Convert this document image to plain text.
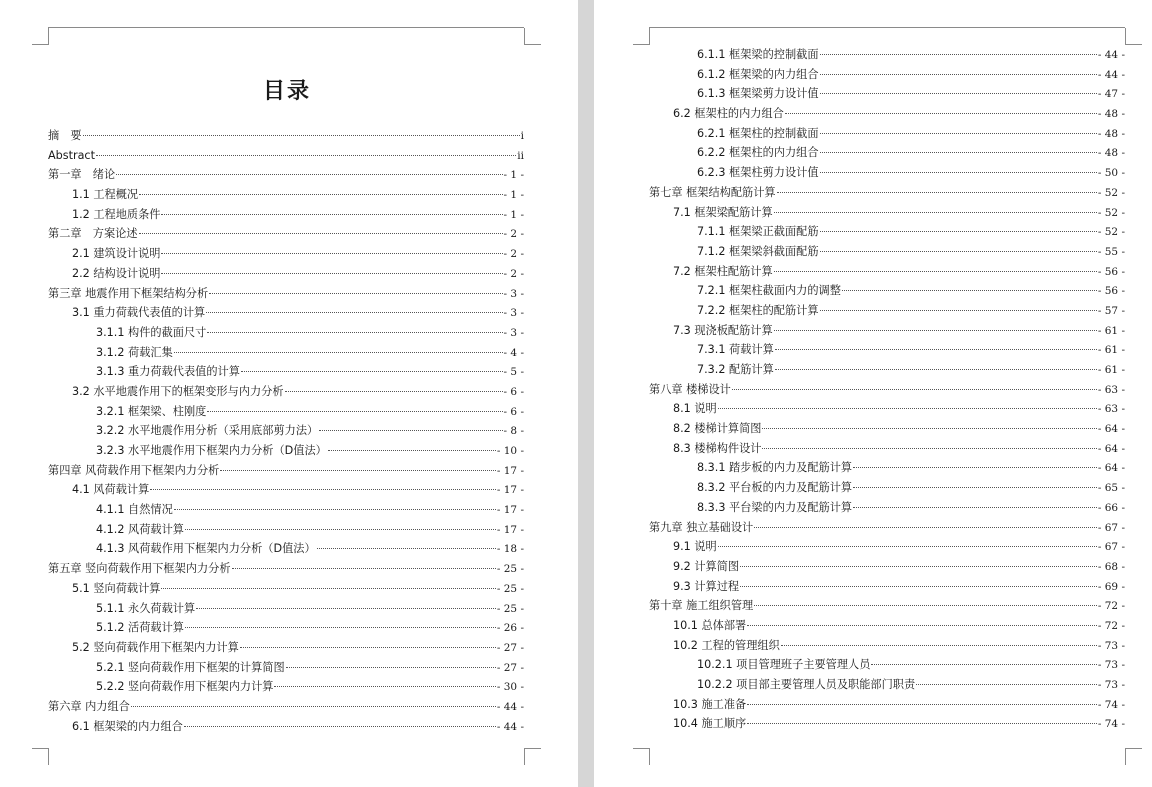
目录
摘　要	i
Abstract	ii
第一章　绪论	- 1 -
1.1 工程概况	- 1 -
1.2 工程地质条件	- 1 -
第二章　方案论述	- 2 -
2.1 建筑设计说明	- 2 -
2.2 结构设计说明	- 2 -
第三章 地震作用下框架结构分析	- 3 -
3.1 重力荷载代表值的计算	- 3 -
3.1.1 构件的截面尺寸	- 3 -
3.1.2 荷载汇集	- 4 -
3.1.3 重力荷载代表值的计算	- 5 -
3.2 水平地震作用下的框架变形与内力分析	- 6 -
3.2.1 框架梁、柱刚度	- 6 -
3.2.2 水平地震作用分析（采用底部剪力法）	- 8 -
3.2.3 水平地震作用下框架内力分析（D值法）	- 10 -
第四章 风荷载作用下框架内力分析	- 17 -
4.1 风荷载计算	- 17 -
4.1.1 自然情况	- 17 -
4.1.2 风荷载计算	- 17 -
4.1.3 风荷载作用下框架内力分析（D值法）	- 18 -
第五章 竖向荷载作用下框架内力分析	- 25 -
5.1 竖向荷载计算	- 25 -
5.1.1 永久荷载计算	- 25 -
5.1.2 活荷载计算	- 26 -
5.2 竖向荷载作用下框架内力计算	- 27 -
5.2.1 竖向荷载作用下框架的计算简图	- 27 -
5.2.2 竖向荷载作用下框架内力计算	- 30 -
第六章 内力组合	- 44 -
6.1 框架梁的内力组合	- 44 -
6.1.1 框架梁的控制截面	- 44 -
6.1.2 框架梁的内力组合	- 44 -
6.1.3 框架梁剪力设计值	- 47 -
6.2 框架柱的内力组合	- 48 -
6.2.1 框架柱的控制截面	- 48 -
6.2.2 框架柱的内力组合	- 48 -
6.2.3 框架柱剪力设计值	- 50 -
第七章 框架结构配筋计算	- 52 -
7.1 框架梁配筋计算	- 52 -
7.1.1 框架梁正截面配筋	- 52 -
7.1.2 框架梁斜截面配筋	- 55 -
7.2 框架柱配筋计算	- 56 -
7.2.1 框架柱截面内力的调整	- 56 -
7.2.2 框架柱的配筋计算	- 57 -
7.3 现浇板配筋计算	- 61 -
7.3.1 荷载计算	- 61 -
7.3.2 配筋计算	- 61 -
第八章 楼梯设计	- 63 -
8.1 说明	- 63 -
8.2 楼梯计算简图	- 64 -
8.3 楼梯构件设计	- 64 -
8.3.1 踏步板的内力及配筋计算	- 64 -
8.3.2 平台板的内力及配筋计算	- 65 -
8.3.3 平台梁的内力及配筋计算	- 66 -
第九章 独立基础设计	- 67 -
9.1 说明	- 67 -
9.2 计算简图	- 68 -
9.3 计算过程	- 69 -
第十章 施工组织管理	- 72 -
10.1 总体部署	- 72 -
10.2 工程的管理组织	- 73 -
10.2.1 项目管理班子主要管理人员	- 73 -
10.2.2 项目部主要管理人员及职能部门职责	- 73 -
10.3 施工准备	- 74 -
10.4 施工顺序	- 74 -
